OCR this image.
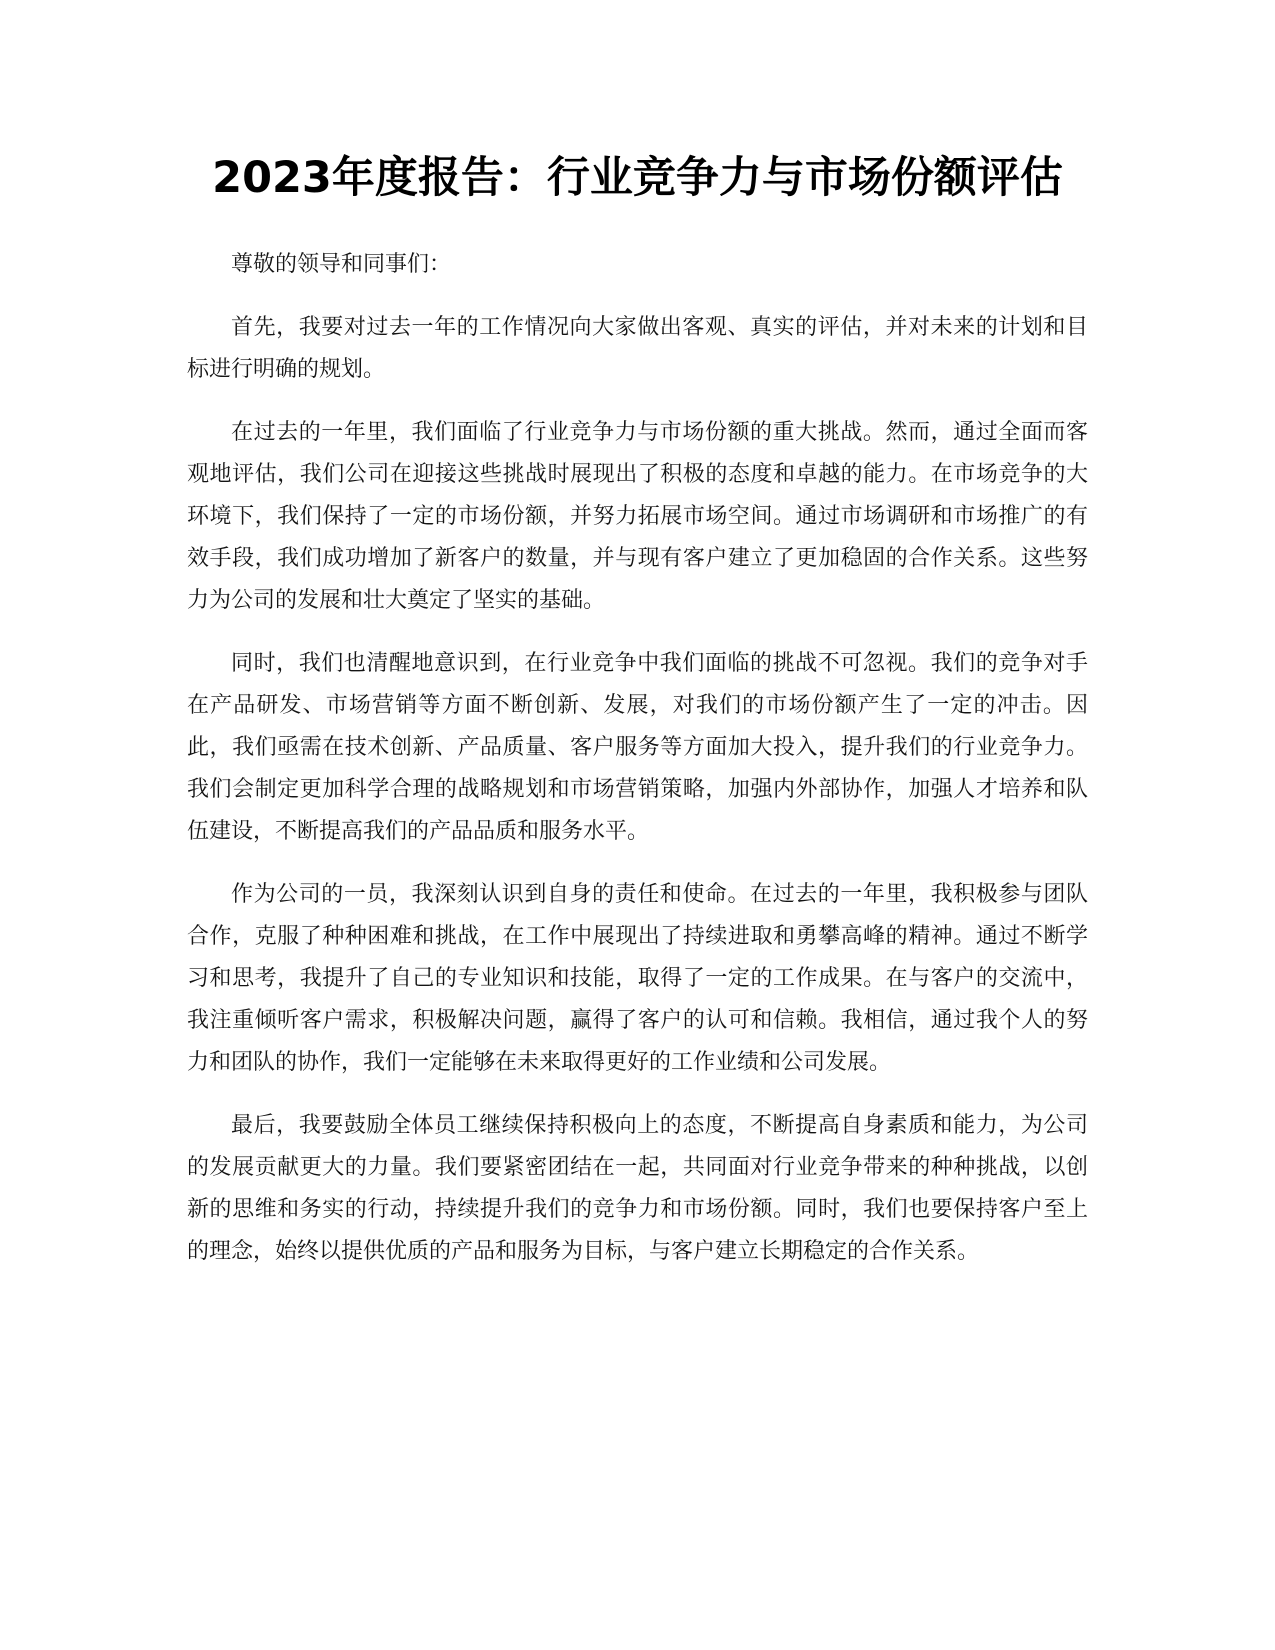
2023年度报告：行业竞争力与市场份额评估

尊敬的领导和同事们：

首先，我要对过去一年的工作情况向大家做出客观、真实的评估，并对未来的计划和目标进行明确的规划。

在过去的一年里，我们面临了行业竞争力与市场份额的重大挑战。然而，通过全面而客观地评估，我们公司在迎接这些挑战时展现出了积极的态度和卓越的能力。在市场竞争的大环境下，我们保持了一定的市场份额，并努力拓展市场空间。通过市场调研和市场推广的有效手段，我们成功增加了新客户的数量，并与现有客户建立了更加稳固的合作关系。这些努力为公司的发展和壮大奠定了坚实的基础。

同时，我们也清醒地意识到，在行业竞争中我们面临的挑战不可忽视。我们的竞争对手在产品研发、市场营销等方面不断创新、发展，对我们的市场份额产生了一定的冲击。因此，我们亟需在技术创新、产品质量、客户服务等方面加大投入，提升我们的行业竞争力。我们会制定更加科学合理的战略规划和市场营销策略，加强内外部协作，加强人才培养和队伍建设，不断提高我们的产品品质和服务水平。

作为公司的一员，我深刻认识到自身的责任和使命。在过去的一年里，我积极参与团队合作，克服了种种困难和挑战，在工作中展现出了持续进取和勇攀高峰的精神。通过不断学习和思考，我提升了自己的专业知识和技能，取得了一定的工作成果。在与客户的交流中，我注重倾听客户需求，积极解决问题，赢得了客户的认可和信赖。我相信，通过我个人的努力和团队的协作，我们一定能够在未来取得更好的工作业绩和公司发展。

最后，我要鼓励全体员工继续保持积极向上的态度，不断提高自身素质和能力，为公司的发展贡献更大的力量。我们要紧密团结在一起，共同面对行业竞争带来的种种挑战，以创新的思维和务实的行动，持续提升我们的竞争力和市场份额。同时，我们也要保持客户至上的理念，始终以提供优质的产品和服务为目标，与客户建立长期稳定的合作关系。
